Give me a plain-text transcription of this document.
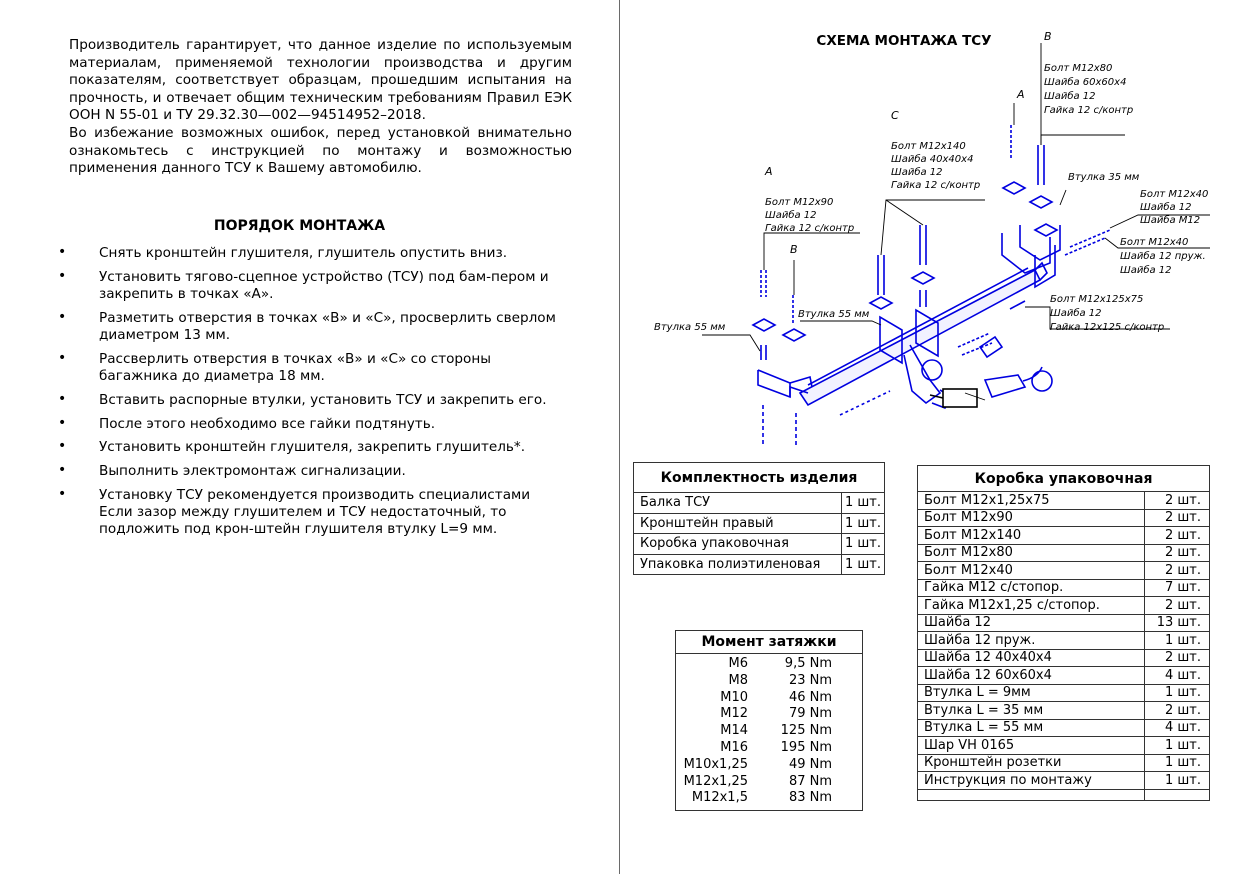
Производитель гарантирует, что данное изделие по используемым материалам, применяемой технологии производства и другим показателям, соответствует образцам, прошедшим испытания на прочность, и отвечает общим техническим требованиям Правил ЕЭК ООН N 55-01 и ТУ 29.32.30—002—94514952–2018.

Во избежание возможных ошибок, перед установкой внимательно ознакомьтесь с инструкцией по монтажу и возможностью применения данного ТСУ к Вашему автомобилю.

ПОРЯДОК МОНТАЖА
• Снять кронштейн глушителя, глушитель опустить вниз.
• Установить тягово-сцепное устройство (ТСУ) под бам-пером и закрепить в точках «А».
• Разметить отверстия в точках «В» и «С», просверлить сверлом диаметром 13 мм.
• Рассверлить отверстия в точках «В» и «С» со стороны багажника до диаметра 18 мм.
• Вставить распорные втулки, установить ТСУ и закрепить его.
• После этого необходимо все гайки подтянуть.
• Установить кронштейн глушителя, закрепить глушитель*.
• Выполнить электромонтаж сигнализации.
• Установку ТСУ рекомендуется производить специалистами Если зазор между глушителем и ТСУ недостаточный, то подложить под крон-штейн глушителя втулку L=9 мм.
СХЕМА МОНТАЖА ТСУ
A
Болт М12х90
Шайба 12
Гайка 12 с/контр
B
C
Болт М12х140
Шайба 40х40х4
Шайба 12
Гайка 12 с/контр
A
B
Болт М12х80
Шайба 60х60х4
Шайба 12
Гайка 12 с/контр
Втулка 55 мм
Втулка 55 мм
Втулка 35 мм
Болт М12х40
Шайба 12
Шайба М12
Болт М12х40
Шайба 12 пруж.
Шайба 12
Болт М12х125х75
Шайба 12
Гайка 12х125 с/контр
Комплектность изделия	
Балка ТСУ	1 шт.
Кронштейн правый	1 шт.
Коробка упаковочная	1 шт.
Упаковка полиэтиленовая	1 шт.
Коробка упаковочная	
Болт М12х1,25х75	2 шт.
Болт М12х90	2 шт.
Болт М12х140	2 шт.
Болт М12х80	2 шт.
Болт М12х40	2 шт.
Гайка М12 с/стопор.	7 шт.
Гайка М12х1,25 с/стопор.	2 шт.
Шайба 12	13 шт.
Шайба 12 пруж.	1 шт.
Шайба 12 40х40х4	2 шт.
Шайба 12 60х60х4	4 шт.
Втулка L = 9мм	1 шт.
Втулка L = 35 мм	2 шт.
Втулка L = 55 мм	4 шт.
Шар VH 0165	1 шт.
Кронштейн розетки	1 шт.
Инструкция по монтажу	1 шт.

Момент затяжки	
М6	9,5 Nm
М8	23 Nm
М10	46 Nm
М12	79 Nm
М14	125 Nm
М16	195 Nm
М10х1,25	49 Nm
М12х1,25	87 Nm
М12х1,5	83 Nm
